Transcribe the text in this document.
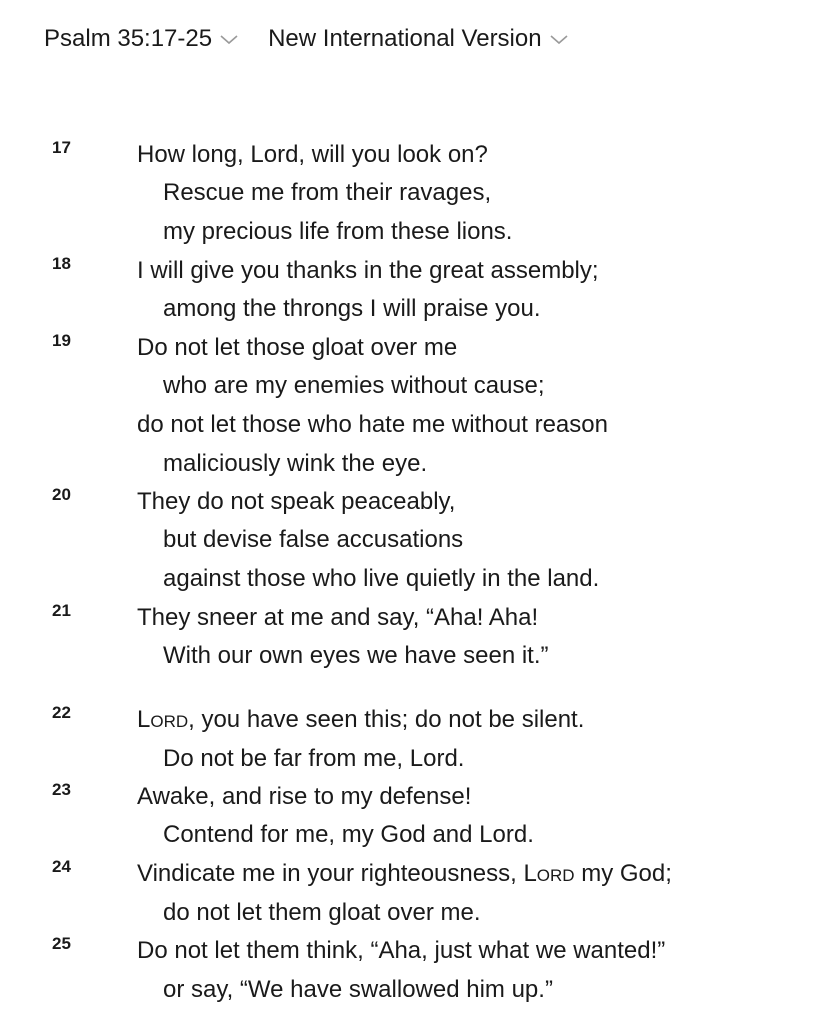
Psalm 35:17-25 New International Version
17	How long, Lord, will you look on?
Rescue me from their ravages,
my precious life from these lions.
18	I will give you thanks in the great assembly;
among the throngs I will praise you.
19	Do not let those gloat over me
who are my enemies without cause;
do not let those who hate me without reason
maliciously wink the eye.
20	They do not speak peaceably,
but devise false accusations
against those who live quietly in the land.
21	They sneer at me and say, “Aha! Aha!
With our own eyes we have seen it.”
22	Lord, you have seen this; do not be silent.
Do not be far from me, Lord.
23	Awake, and rise to my defense!
Contend for me, my God and Lord.
24	Vindicate me in your righteousness, Lord my God;
do not let them gloat over me.
25	Do not let them think, “Aha, just what we wanted!”
or say, “We have swallowed him up.”
